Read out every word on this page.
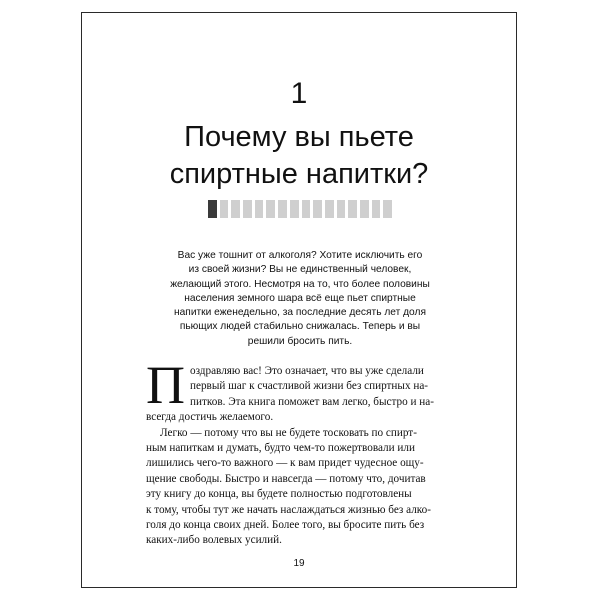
1
Почему вы пьете
спиртные напитки?
Вас уже тошнит от алкоголя? Хотите исключить его
из своей жизни? Вы не единственный человек,
желающий этого. Несмотря на то, что более половины
населения земного шара всё еще пьет спиртные
напитки еженедельно, за последние десять лет доля
пьющих людей стабильно снижалась. Теперь и вы
решили бросить пить.
П оздравляю вас! Это означает, что вы уже сделали
первый шаг к счастливой жизни без спиртных на-
питков. Эта книга поможет вам легко, быстро и на-
всегда достичь желаемого.
Легко — потому что вы не будете тосковать по спирт-
ным напиткам и думать, будто чем-то пожертвовали или
лишились чего-то важного — к вам придет чудесное ощу-
щение свободы. Быстро и навсегда — потому что, дочитав
эту книгу до конца, вы будете полностью подготовлены
к тому, чтобы тут же начать наслаждаться жизнью без алко-
голя до конца своих дней. Более того, вы бросите пить без
каких-либо волевых усилий.
19
